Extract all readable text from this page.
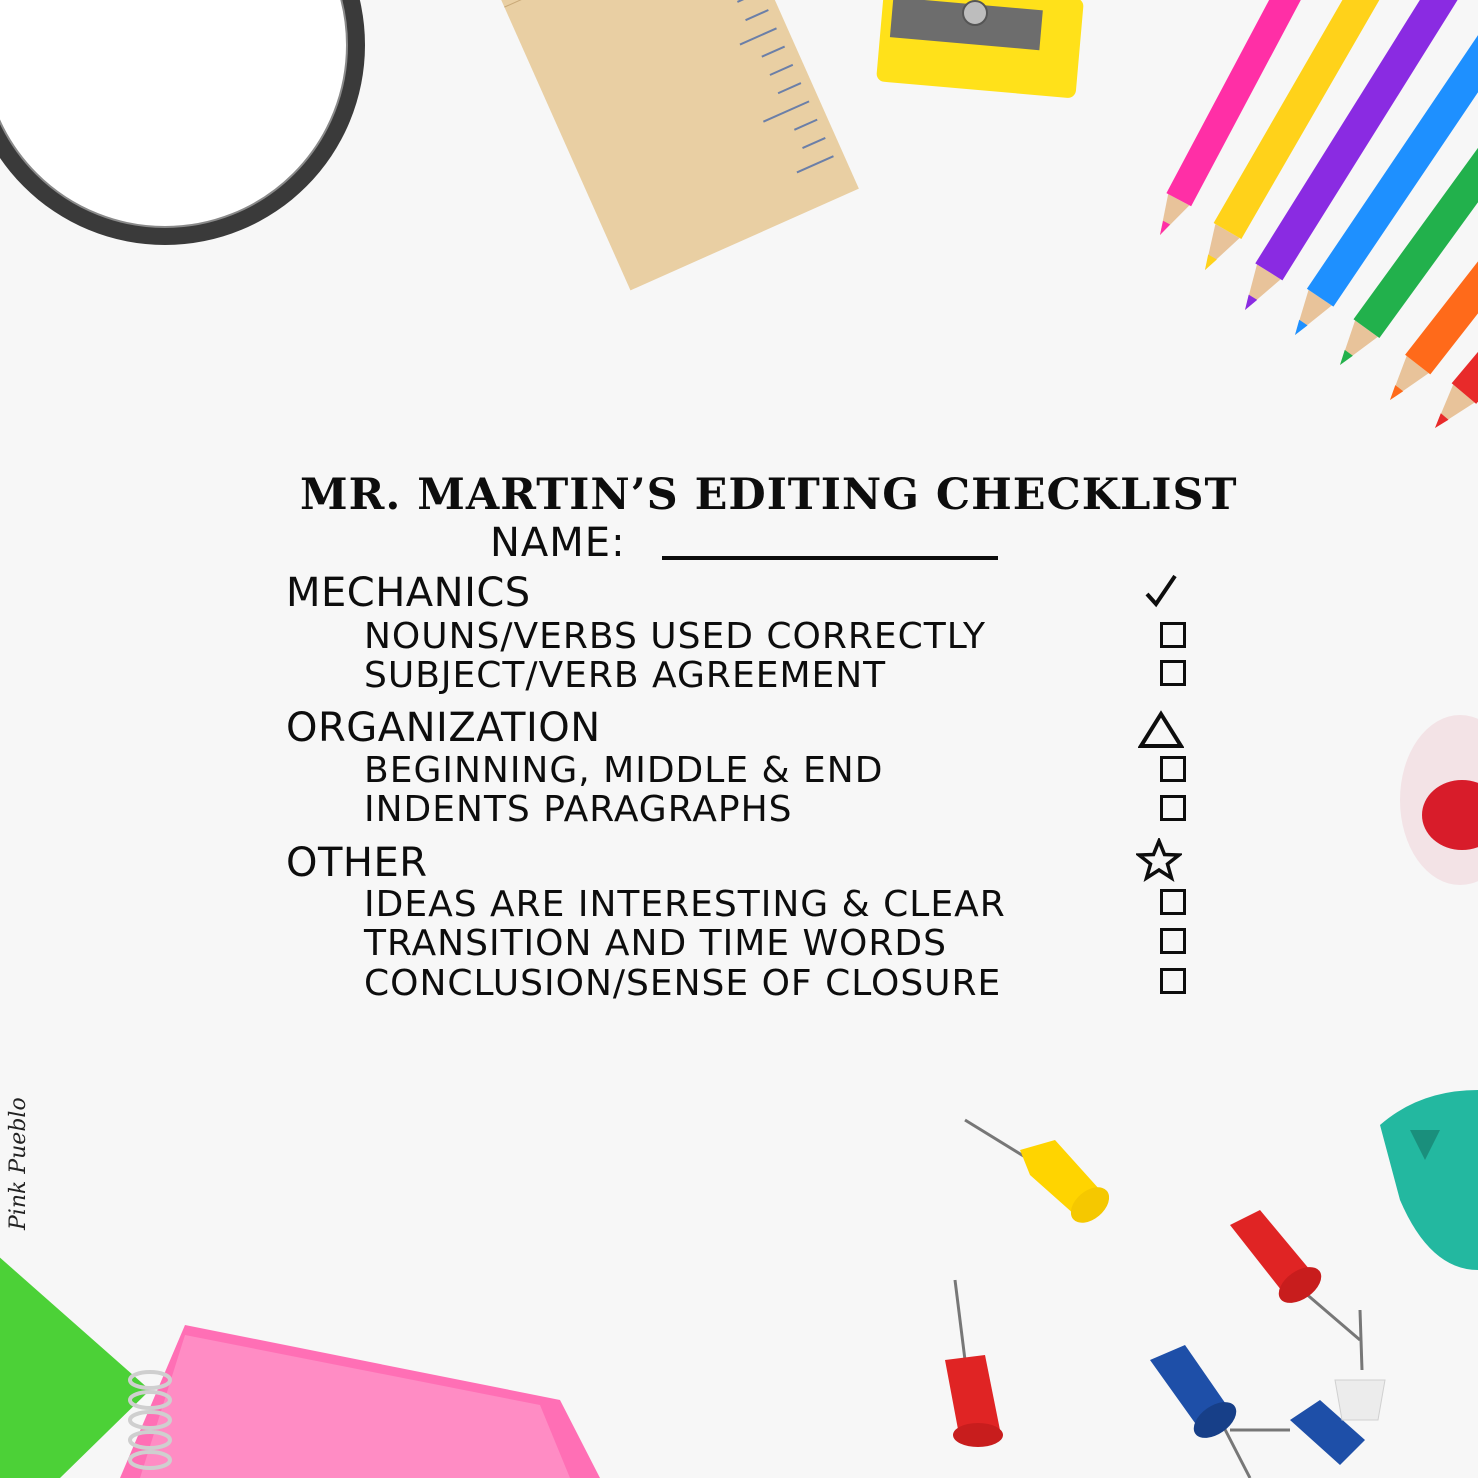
MR. MARTIN’S EDITING CHECKLIST
NAME:
MECHANICS
NOUNS/VERBS USED CORRECTLY
SUBJECT/VERB AGREEMENT
ORGANIZATION
BEGINNING, MIDDLE & END
INDENTS PARAGRAPHS
OTHER
IDEAS ARE INTERESTING & CLEAR
TRANSITION AND TIME WORDS
CONCLUSION/SENSE OF CLOSURE
Pink Pueblo
